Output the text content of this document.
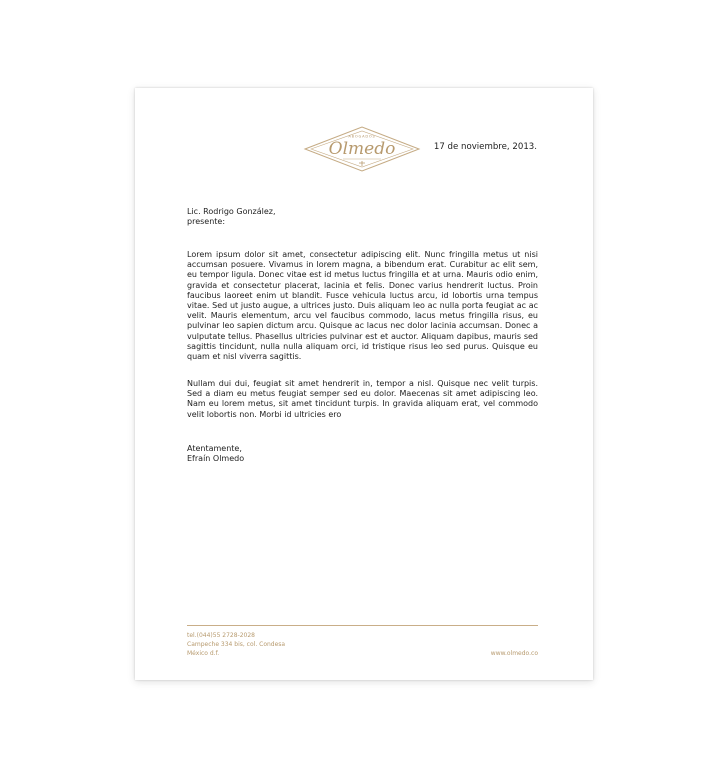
ABOGADOS
Olmedo	17 de noviembre, 2013.
Lic. Rodrigo González,
presente:
Lorem ipsum dolor sit amet, consectetur adipiscing elit. Nunc fringilla metus ut nisi accumsan posuere. Vivamus in lorem magna, a bibendum erat. Curabitur ac elit sem, eu tempor ligula. Donec vitae est id metus luctus fringilla et at urna. Mauris odio enim, gravida et consectetur placerat, lacinia et felis. Donec varius hendrerit luctus. Proin faucibus laoreet enim ut blandit. Fusce vehicula luctus arcu, id lobortis urna tempus vitae. Sed ut justo augue, a ultrices justo. Duis aliquam leo ac nulla porta feugiat ac ac velit. Mauris elementum, arcu vel faucibus commodo, lacus metus fringilla risus, eu pulvinar leo sapien dictum arcu. Quisque ac lacus nec dolor lacinia accumsan. Donec a vulputate tellus. Phasellus ultricies pulvinar est et auctor. Aliquam dapibus, mauris sed sagittis tincidunt, nulla nulla aliquam orci, id tristique risus leo sed purus. Quisque eu quam et nisl viverra sagittis.
Nullam dui dui, feugiat sit amet hendrerit in, tempor a nisl. Quisque nec velit turpis. Sed a diam eu metus feugiat semper sed eu dolor. Maecenas sit amet adipiscing leo. Nam eu lorem metus, sit amet tincidunt turpis. In gravida aliquam erat, vel commodo velit lobortis non. Morbi id ultricies ero
Atentamente,
Efraín Olmedo
tel.(044)55 2728-2028
Campeche 334 bis, col. Condesa
México d.f.	www.olmedo.co
